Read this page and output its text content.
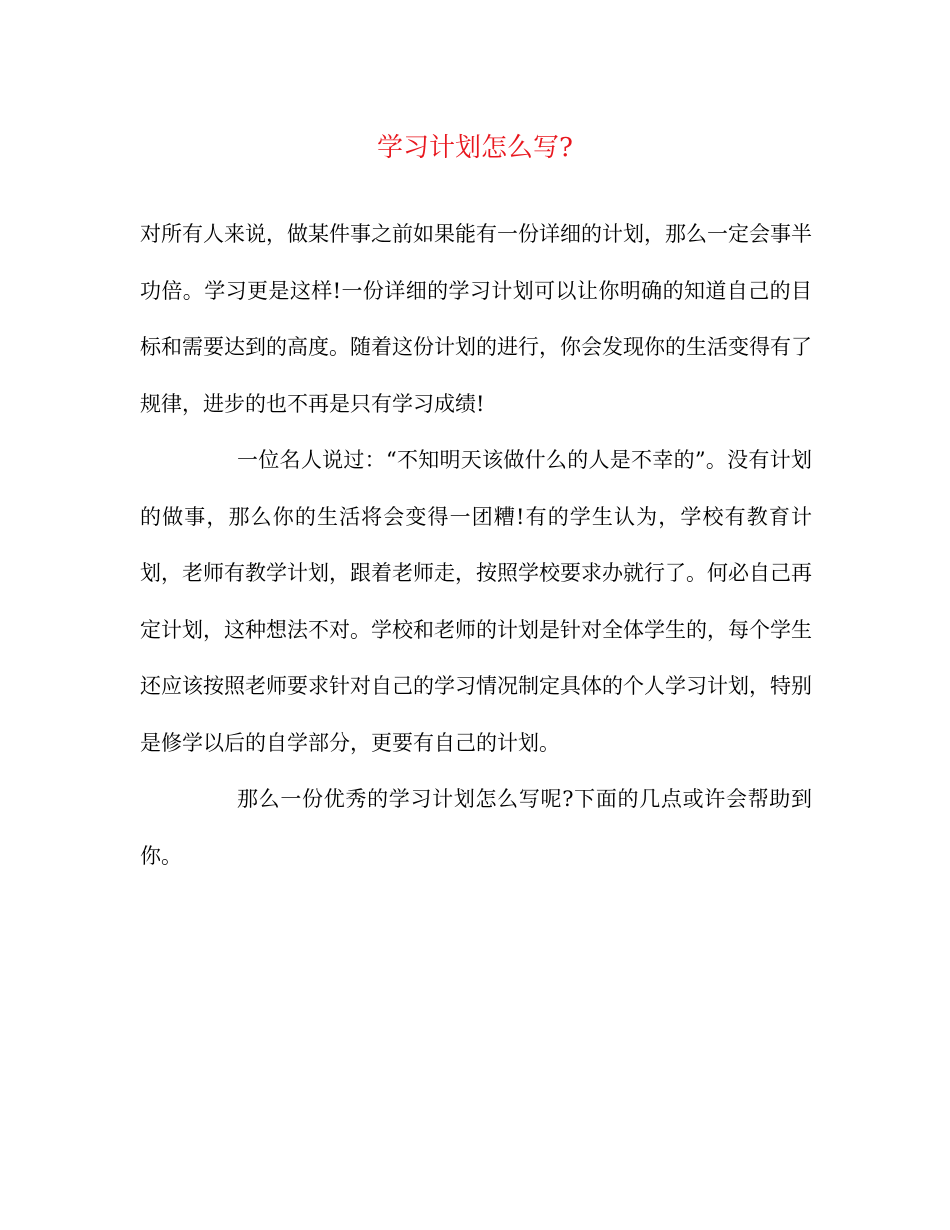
学习计划怎么写?

对所有人来说，做某件事之前如果能有一份详细的计划，那么一定会事半功倍。学习更是这样!一份详细的学习计划可以让你明确的知道自己的目标和需要达到的高度。随着这份计划的进行，你会发现你的生活变得有了规律，进步的也不再是只有学习成绩!

一位名人说过：“不知明天该做什么的人是不幸的”。没有计划的做事，那么你的生活将会变得一团糟!有的学生认为，学校有教育计划，老师有教学计划，跟着老师走，按照学校要求办就行了。何必自己再定计划，这种想法不对。学校和老师的计划是针对全体学生的，每个学生还应该按照老师要求针对自己的学习情况制定具体的个人学习计划，特别是修学以后的自学部分，更要有自己的计划。

那么一份优秀的学习计划怎么写呢?下面的几点或许会帮助到你。
